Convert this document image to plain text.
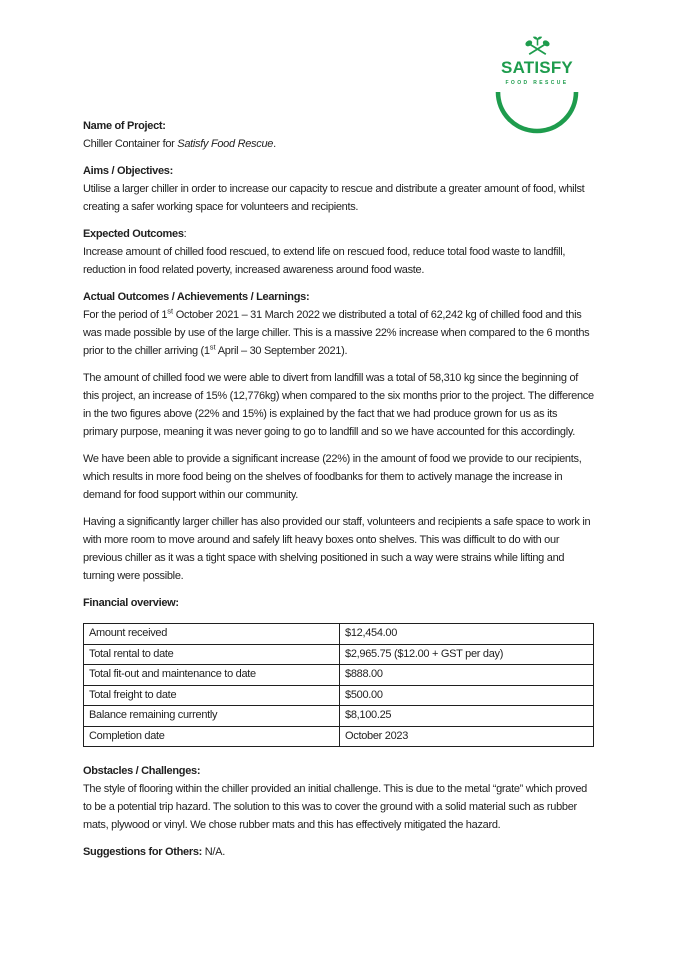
SATISFY
FOOD RESCUE

Name of Project:

Chiller Container for Satisfy Food Rescue.

Aims / Objectives:

Utilise a larger chiller in order to increase our capacity to rescue and distribute a greater amount of food, whilst creating a safer working space for volunteers and recipients.

Expected Outcomes:

Increase amount of chilled food rescued, to extend life on rescued food, reduce total food waste to landfill, reduction in food related poverty, increased awareness around food waste.

Actual Outcomes / Achievements / Learnings:

For the period of 1st October 2021 – 31 March 2022 we distributed a total of 62,242 kg of chilled food and this was made possible by use of the large chiller. This is a massive 22% increase when compared to the 6 months prior to the chiller arriving (1st April – 30 September 2021).

The amount of chilled food we were able to divert from landfill was a total of 58,310 kg since the beginning of this project, an increase of 15% (12,776kg) when compared to the six months prior to the project. The difference in the two figures above (22% and 15%) is explained by the fact that we had produce grown for us as its primary purpose, meaning it was never going to go to landfill and so we have accounted for this accordingly.

We have been able to provide a significant increase (22%) in the amount of food we provide to our recipients, which results in more food being on the shelves of foodbanks for them to actively manage the increase in demand for food support within our community.

Having a significantly larger chiller has also provided our staff, volunteers and recipients a safe space to work in with more room to move around and safely lift heavy boxes onto shelves. This was difficult to do with our previous chiller as it was a tight space with shelving positioned in such a way were strains while lifting and turning were possible.

Financial overview:

Amount received	$12,454.00
Total rental to date	$2,965.75 ($12.00 + GST per day)
Total fit-out and maintenance to date	$888.00
Total freight to date	$500.00
Balance remaining currently	$8,100.25
Completion date	October 2023

Obstacles / Challenges:

The style of flooring within the chiller provided an initial challenge. This is due to the metal “grate” which proved to be a potential trip hazard. The solution to this was to cover the ground with a solid material such as rubber mats, plywood or vinyl. We chose rubber mats and this has effectively mitigated the hazard.

Suggestions for Others: N/A.
